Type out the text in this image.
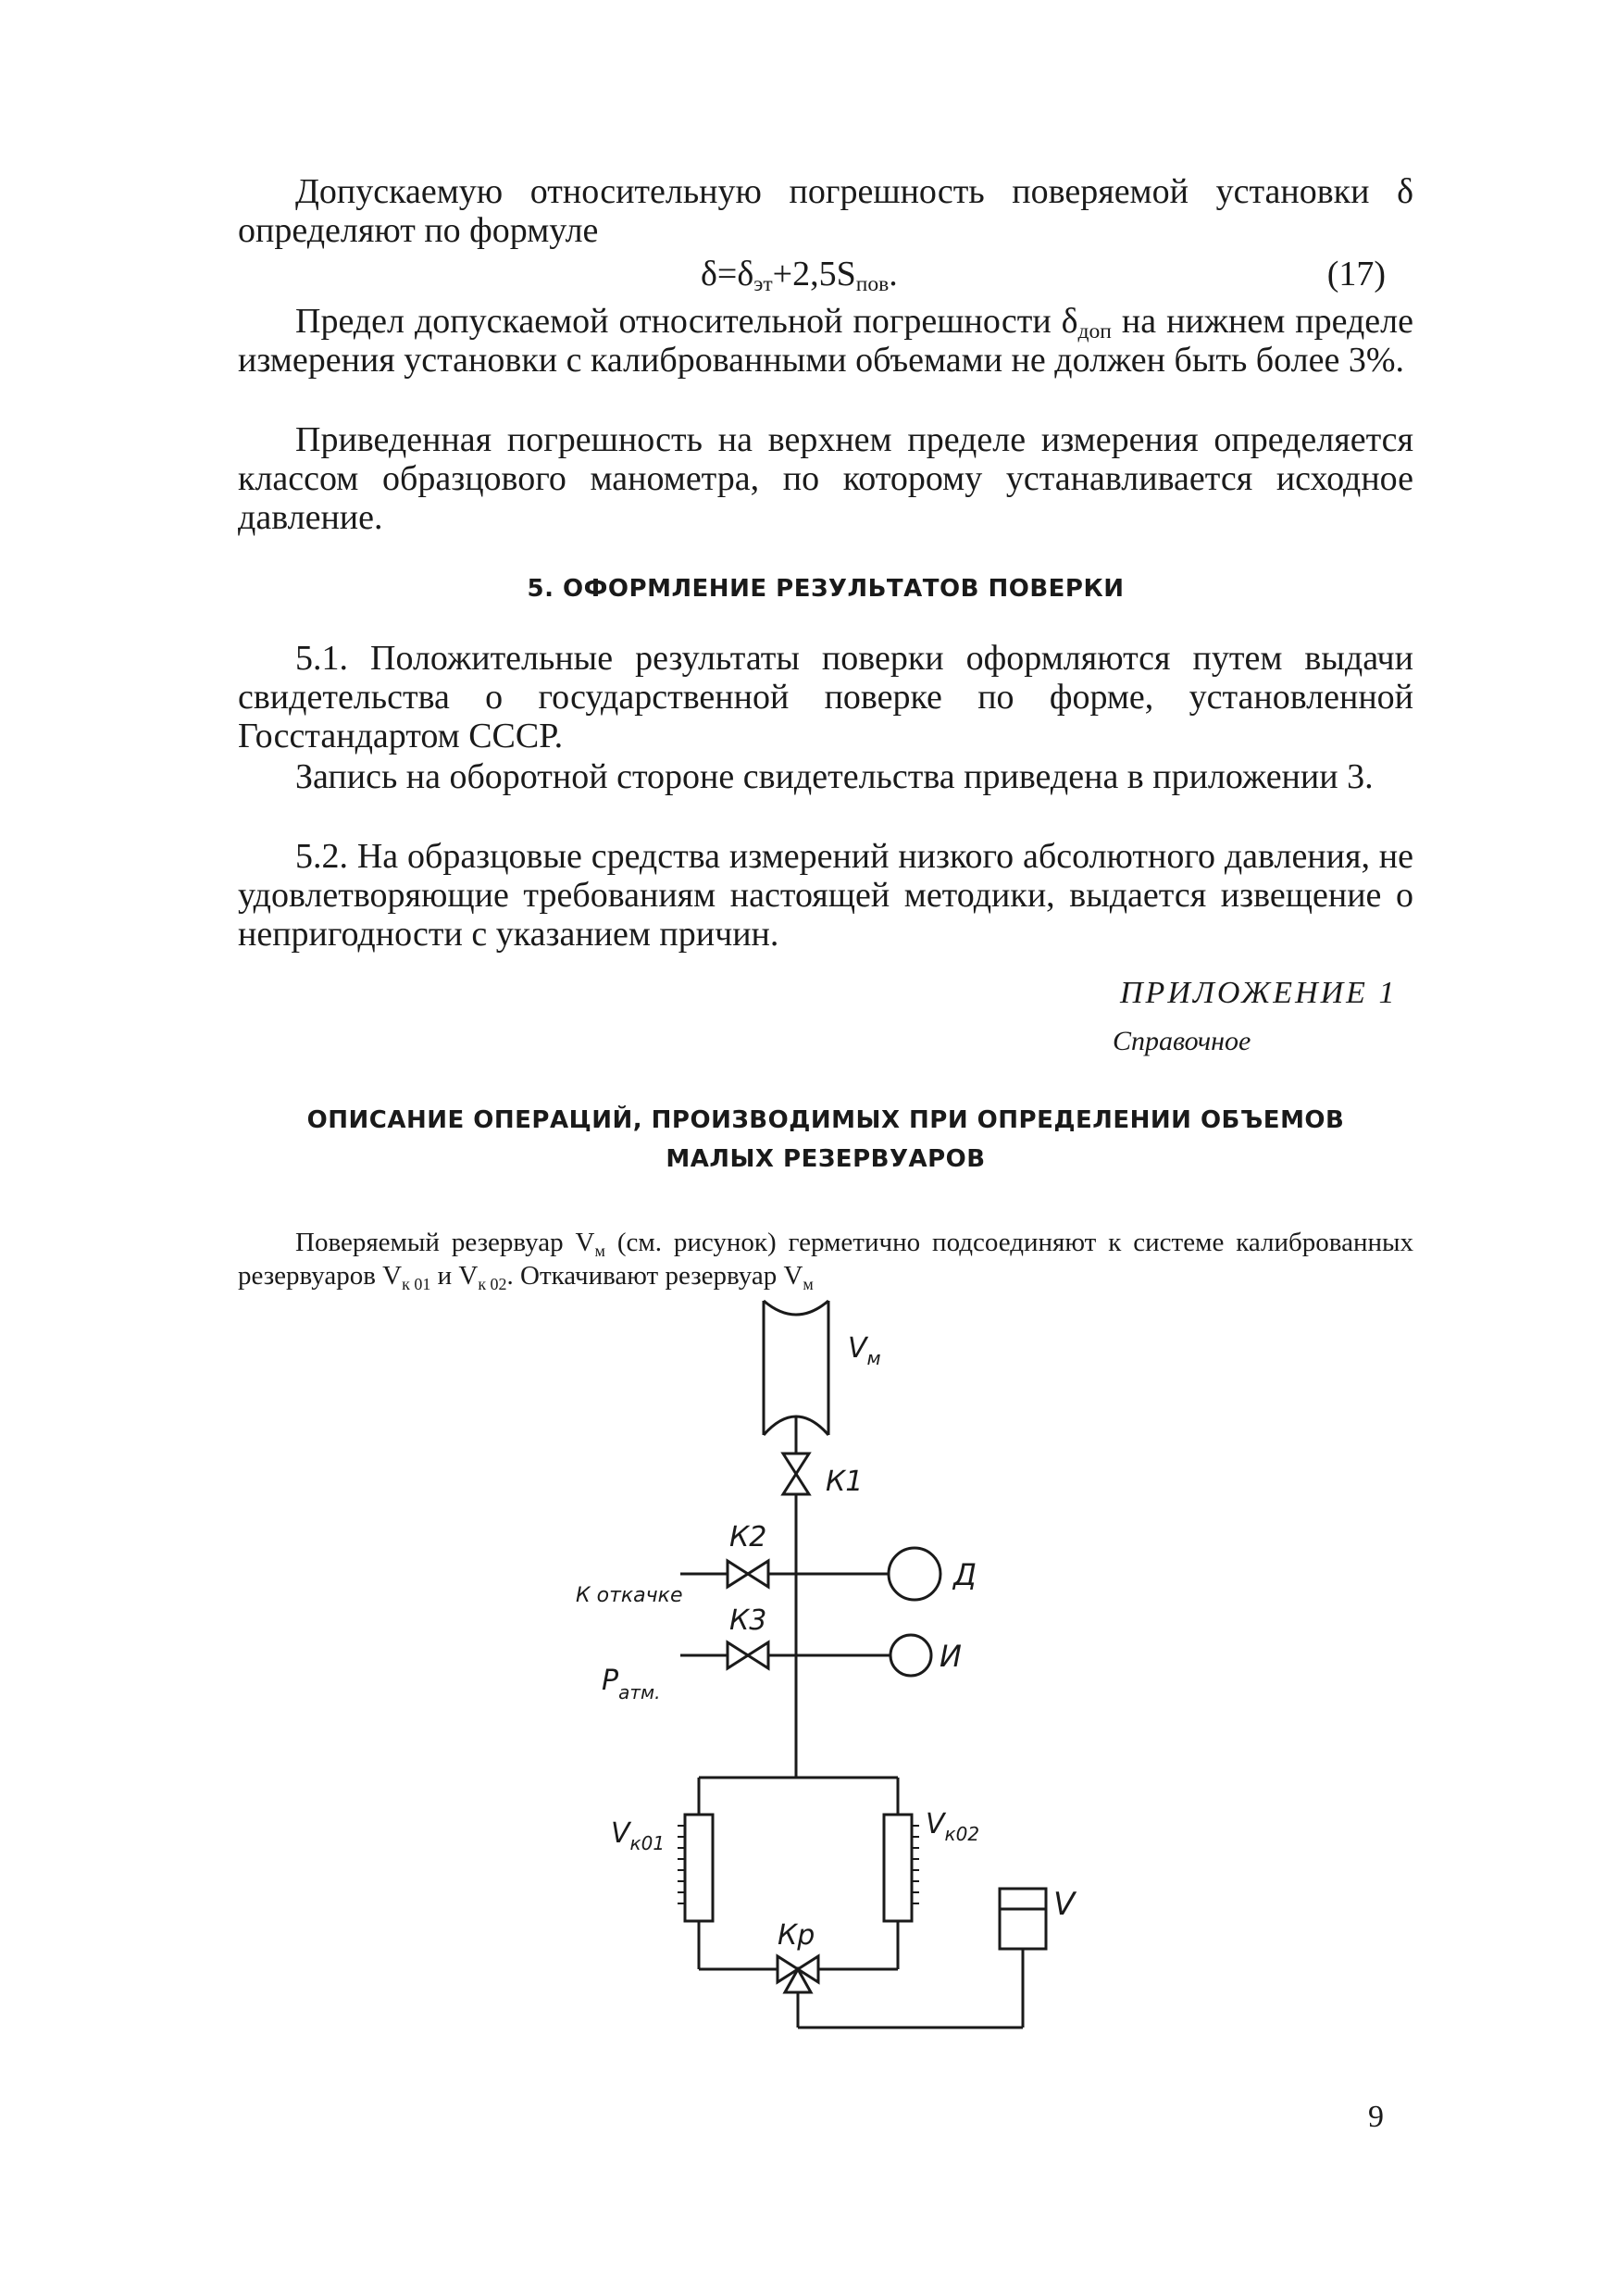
Допускаемую относительную погрешность поверяемой установки δ определяют по формуле

$\delta=\delta_{эт}+2,5S_{пов}$.	(17)

Предел допускаемой относительной погрешности $\delta_{доп}$ на нижнем пределе измерения установки с калиброванными объемами не должен быть более 3%.

Приведенная погрешность на верхнем пределе измерения определяется классом образцового манометра, по которому устанавливается исходное давление.

5. ОФОРМЛЕНИЕ РЕЗУЛЬТАТОВ ПОВЕРКИ

5.1. Положительные результаты поверки оформляются путем выдачи свидетельства о государственной поверке по форме, установленной Госстандартом СССР.

Запись на оборотной стороне свидетельства приведена в приложении 3.

5.2. На образцовые средства измерений низкого абсолютного давления, не удовлетворяющие требованиям настоящей методики, выдается извещение о непригодности с указанием причин.

ПРИЛОЖЕНИЕ 1
Справочное
ОПИСАНИЕ ОПЕРАЦИЙ, ПРОИЗВОДИМЫХ ПРИ ОПРЕДЕЛЕНИИ ОБЪЕМОВ
МАЛЫХ РЕЗЕРВУАРОВ

Поверяемый резервуар $V_м$ (см. рисунок) герметично подсоединяют к системе калиброванных резервуаров $V_{к 01}$ и $V_{к 02}$. Откачивают резервуар $V_м$

$V_м$
К1
К2
К откачке
К3
$P_{атм.}$
Д
И
$V_{к01}$
$V_{к02}$
Кр
V
9
